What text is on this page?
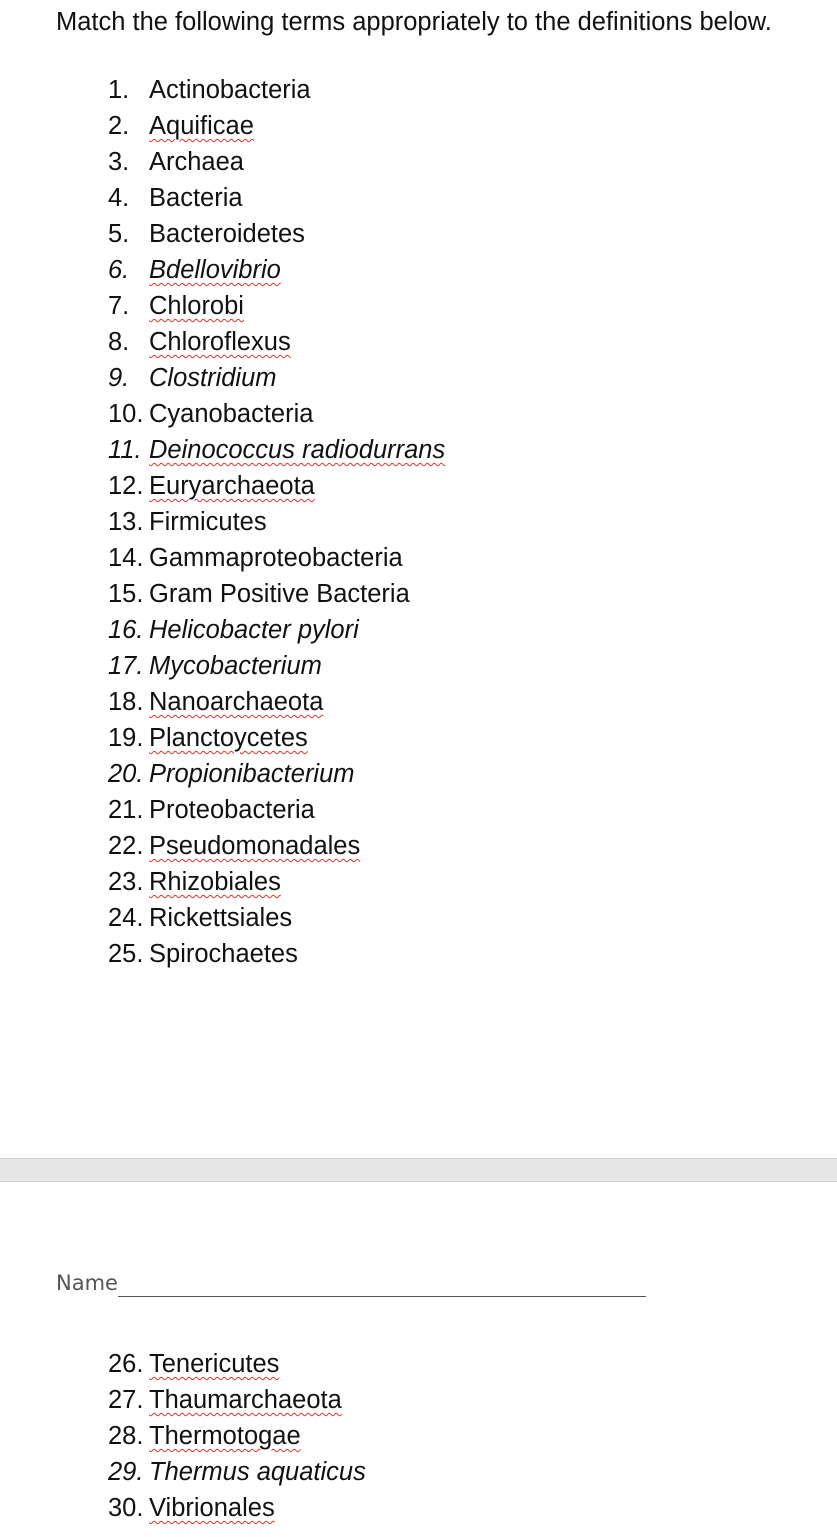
Match the following terms appropriately to the definitions below.
1. Actinobacteria
2. Aquificae
3. Archaea
4. Bacteria
5. Bacteroidetes
6. Bdellovibrio
7. Chlorobi
8. Chloroflexus
9. Clostridium
10. Cyanobacteria
11. Deinococcus radiodurrans
12. Euryarchaeota
13. Firmicutes
14. Gammaproteobacteria
15. Gram Positive Bacteria
16. Helicobacter pylori
17. Mycobacterium
18. Nanoarchaeota
19. Planctoycetes
20. Propionibacterium
21. Proteobacteria
22. Pseudomonadales
23. Rhizobiales
24. Rickettsiales
25. Spirochaetes
Name
26. Tenericutes
27. Thaumarchaeota
28. Thermotogae
29. Thermus aquaticus
30. Vibrionales
